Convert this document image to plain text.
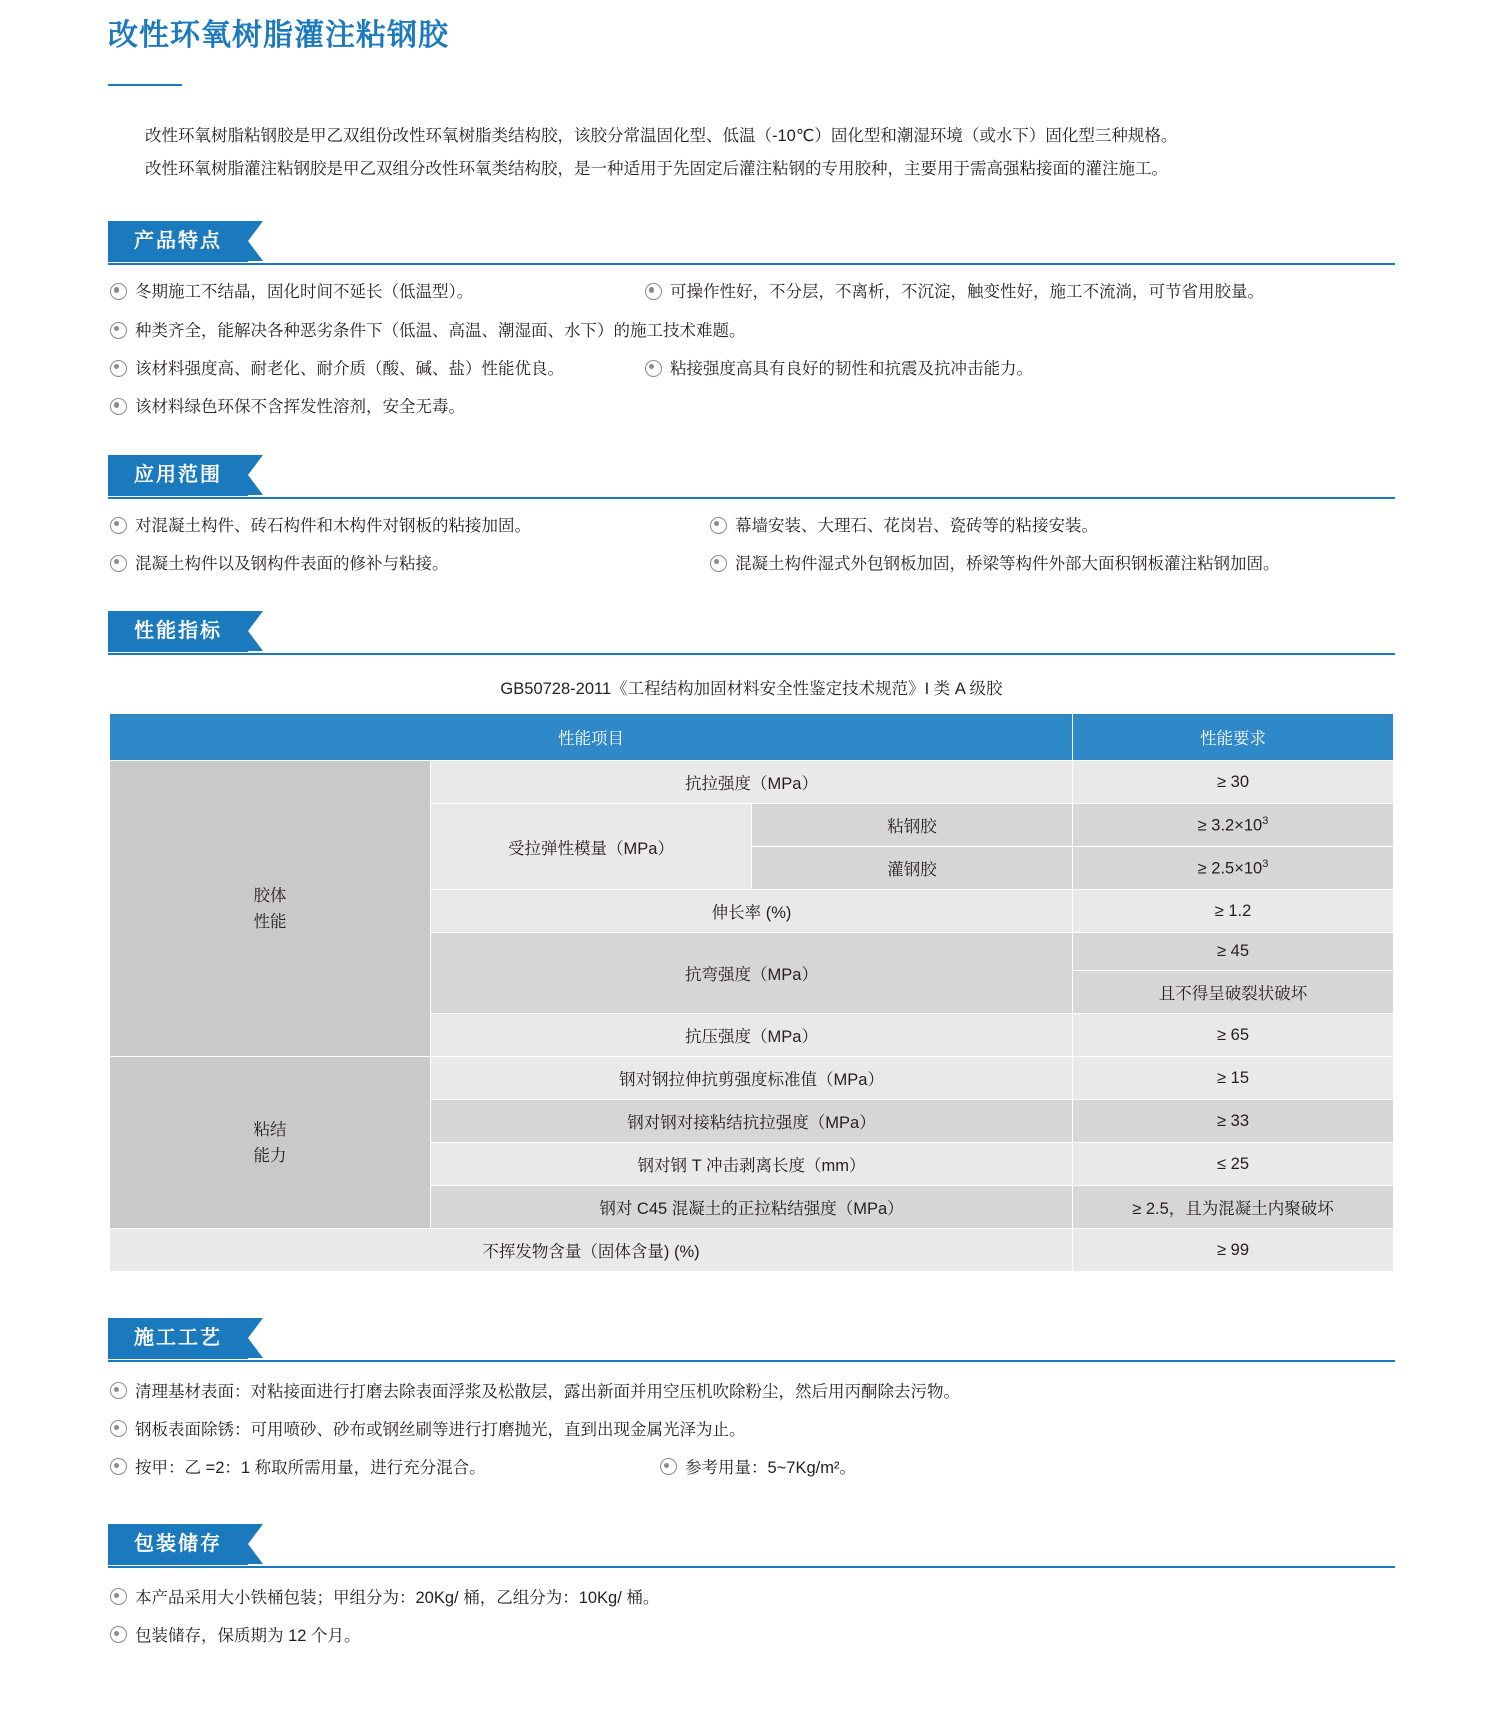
改性环氧树脂灌注粘钢胶

改性环氧树脂粘钢胶是甲乙双组份改性环氧树脂类结构胶，该胶分常温固化型、低温（-10℃）固化型和潮湿环境（或水下）固化型三种规格。

改性环氧树脂灌注粘钢胶是甲乙双组分改性环氧类结构胶，是一种适用于先固定后灌注粘钢的专用胶种，主要用于需高强粘接面的灌注施工。

产品特点
冬期施工不结晶，固化时间不延长（低温型）。	可操作性好，不分层，不离析，不沉淀，触变性好，施工不流淌，可节省用胶量。
种类齐全，能解决各种恶劣条件下（低温、高温、潮湿面、水下）的施工技术难题。
该材料强度高、耐老化、耐介质（酸、碱、盐）性能优良。	粘接强度高具有良好的韧性和抗震及抗冲击能力。
该材料绿色环保不含挥发性溶剂，安全无毒。
应用范围
对混凝土构件、砖石构件和木构件对钢板的粘接加固。	幕墙安装、大理石、花岗岩、瓷砖等的粘接安装。
混凝土构件以及钢构件表面的修补与粘接。	混凝土构件湿式外包钢板加固，桥梁等构件外部大面积钢板灌注粘钢加固。
性能指标
GB50728-2011《工程结构加固材料安全性鉴定技术规范》I 类 A 级胶
性能项目			性能要求
胶体
性能	抗拉强度（MPa）		≥ 30
	受拉弹性模量（MPa）	粘钢胶	≥ $3.2\times 10^3$
		灌钢胶	≥ $2.5\times 10^3$
	伸长率 (%)		≥ 1.2
	抗弯强度（MPa）		≥ 45
			且不得呈破裂状破坏
	抗压强度（MPa）		≥ 65
粘结
能力	钢对钢拉伸抗剪强度标准值（MPa）		≥ 15
	钢对钢对接粘结抗拉强度（MPa）		≥ 33
	钢对钢 T 冲击剥离长度（mm）		≤ 25
	钢对 C45 混凝土的正拉粘结强度（MPa）		≥ 2.5，且为混凝土内聚破坏
不挥发物含量（固体含量) (%)			≥ 99
施工工艺
清理基材表面：对粘接面进行打磨去除表面浮浆及松散层，露出新面并用空压机吹除粉尘，然后用丙酮除去污物。
钢板表面除锈：可用喷砂、砂布或钢丝刷等进行打磨抛光，直到出现金属光泽为止。
按甲：乙 =2：1 称取所需用量，进行充分混合。	参考用量：5~7Kg/m²。
包装储存
本产品采用大小铁桶包装；甲组分为：20Kg/ 桶，乙组分为：10Kg/ 桶。
包装储存，保质期为 12 个月。
